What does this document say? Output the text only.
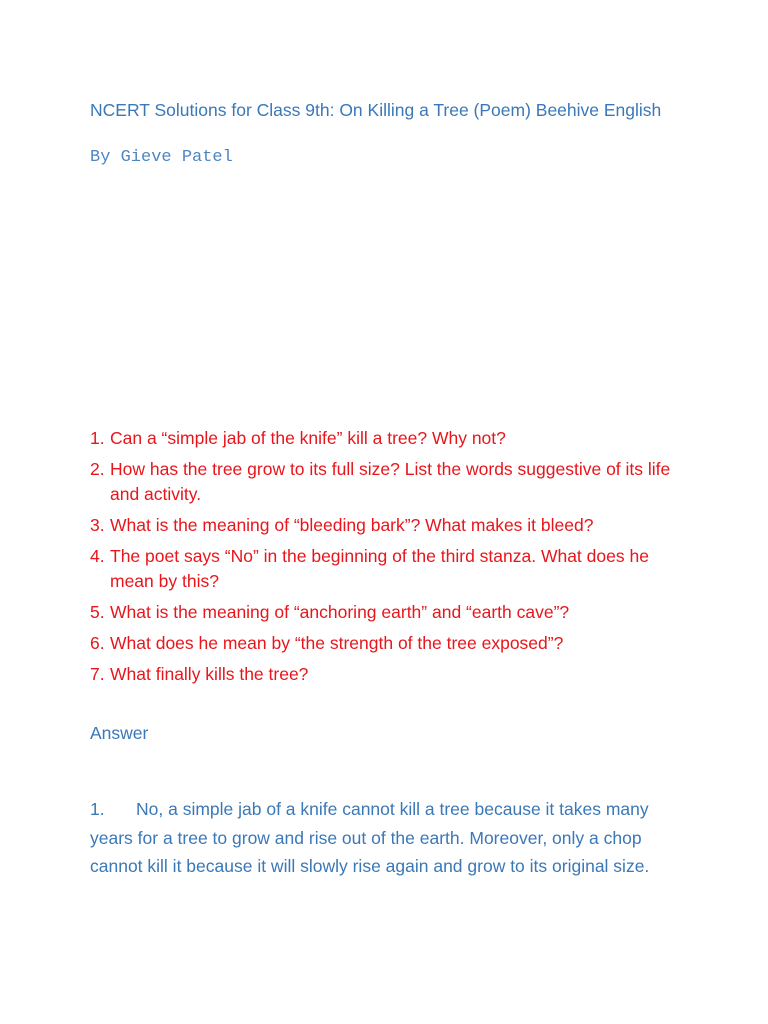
NCERT Solutions for Class 9th: On Killing a Tree (Poem) Beehive English

By Gieve Patel

1. Can a “simple jab of the knife” kill a tree? Why not?
2. How has the tree grow to its full size? List the words suggestive of its life and activity.
3. What is the meaning of “bleeding bark”? What makes it bleed?
4. The poet says “No” in the beginning of the third stanza. What does he mean by this?
5. What is the meaning of “anchoring earth” and “earth cave”?
6. What does he mean by “the strength of the tree exposed”?
7. What finally kills the tree?
Answer

1. No, a simple jab of a knife cannot kill a tree because it takes many years for a tree to grow and rise out of the earth. Moreover, only a chop cannot kill it because it will slowly rise again and grow to its original size.
